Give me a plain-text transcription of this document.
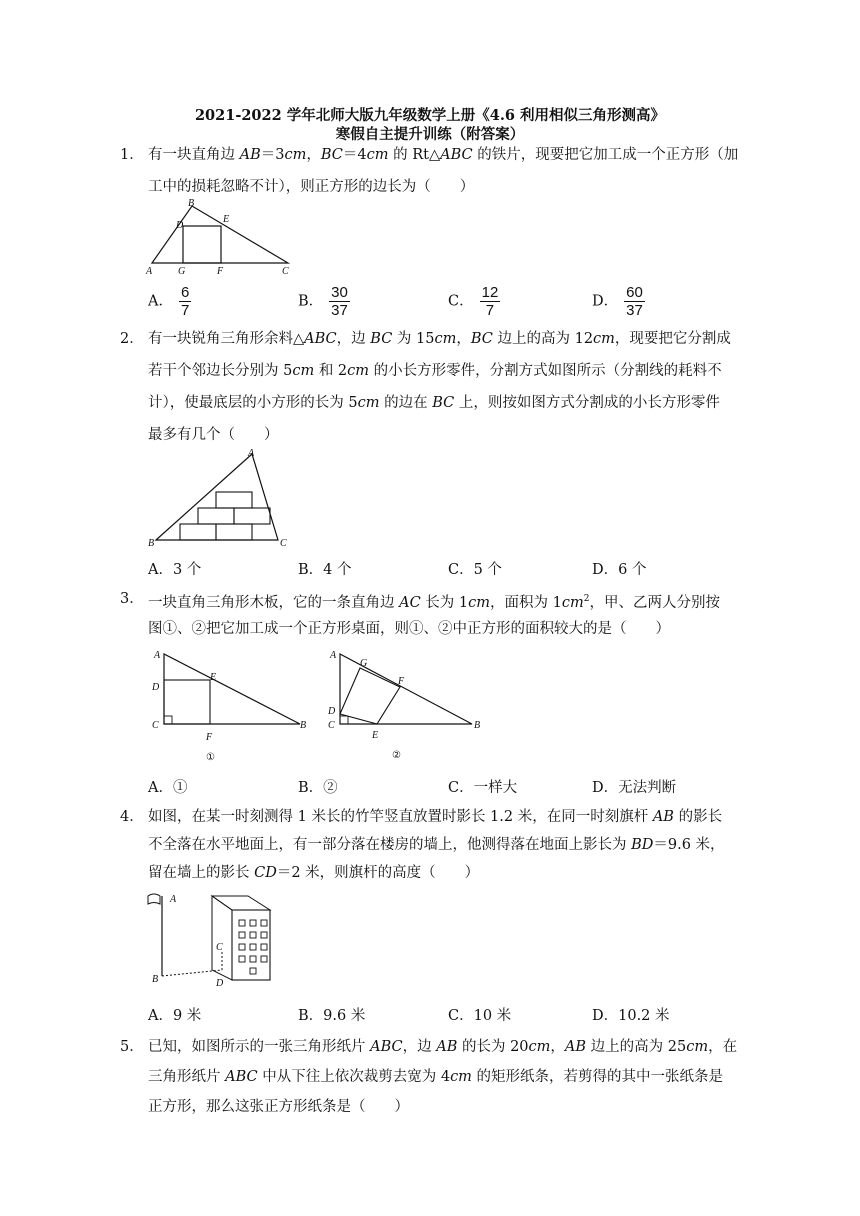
2021-2022 学年北师大版九年级数学上册《4.6 利用相似三角形测高》
寒假自主提升训练（附答案）
1． 有一块直角边 AB＝3cm，BC＝4cm 的 Rt△ABC 的铁片，现要把它加工成一个正方形（加
工中的损耗忽略不计），则正方形的边长为（　　）
A
B
C
D
E
F
G
A． $\frac{6}{7}$	B． $\frac{30}{37}$	C． $\frac{12}{7}$	D． $\frac{60}{37}$
2． 有一块锐角三角形余料△ABC，边 BC 为 15cm，BC 边上的高为 12cm，现要把它分割成
若干个邻边长分别为 5cm 和 2cm 的小长方形零件，分割方式如图所示（分割线的耗料不
计），使最底层的小方形的长为 5cm 的边在 BC 上，则按如图方式分割成的小长方形零件
最多有几个（　　）
A
B	C
A．3 个	B．4 个	C．5 个	D．6 个
3． 一块直角三角形木板，它的一条直角边 AC 长为 1cm，面积为 $1cm^2$，甲、乙两人分别按
图①、②把它加工成一个正方形桌面，则①、②中正方形的面积较大的是（　　）
A
D
E
C
F
B
①
A
G
F
D
C
E
B
②
A．①	B．②	C．一样大	D．无法判断
4． 如图，在某一时刻测得 1 米长的竹竿竖直放置时影长 1.2 米，在同一时刻旗杆 AB 的影长
不全落在水平地面上，有一部分落在楼房的墙上，他测得落在地面上影长为 BD＝9.6 米，
留在墙上的影长 CD＝2 米，则旗杆的高度（　　）
A
B
C
D
A．9 米	B．9.6 米	C．10 米	D．10.2 米
5． 已知，如图所示的一张三角形纸片 ABC，边 AB 的长为 20cm，AB 边上的高为 25cm，在
三角形纸片 ABC 中从下往上依次裁剪去宽为 4cm 的矩形纸条，若剪得的其中一张纸条是
正方形，那么这张正方形纸条是（　　）
